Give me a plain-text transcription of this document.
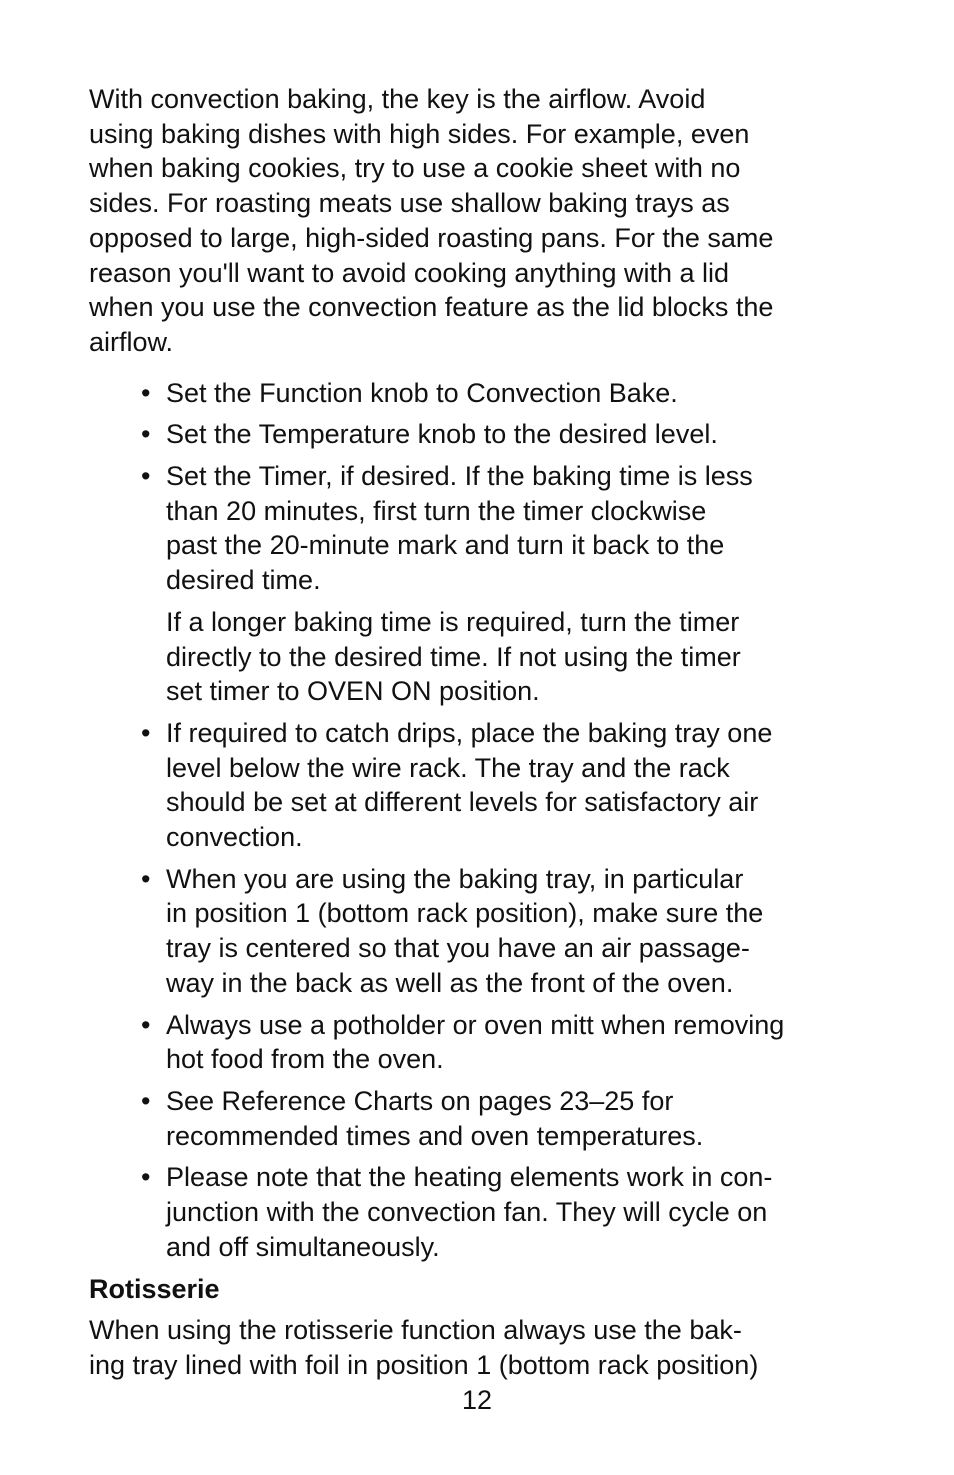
With convection baking, the key is the airflow. Avoid
using baking dishes with high sides. For example, even
when baking cookies, try to use a cookie sheet with no
sides. For roasting meats use shallow baking trays as
opposed to large, high-sided roasting pans. For the same
reason you'll want to avoid cooking anything with a lid
when you use the convection feature as the lid blocks the
airflow.

• Set the Function knob to Convection Bake.

• Set the Temperature knob to the desired level.

• Set the Timer, if desired. If the baking time is less
than 20 minutes, first turn the timer clockwise
past the 20-minute mark and turn it back to the
desired time.

If a longer baking time is required, turn the timer
directly to the desired time. If not using the timer
set timer to OVEN ON position.

• If required to catch drips, place the baking tray one
level below the wire rack. The tray and the rack
should be set at different levels for satisfactory air
convection.

• When you are using the baking tray, in particular
in position 1 (bottom rack position), make sure the
tray is centered so that you have an air passage-
way in the back as well as the front of the oven.

• Always use a potholder or oven mitt when removing
hot food from the oven.

• See Reference Charts on pages 23–25 for
recommended times and oven temperatures.

• Please note that the heating elements work in con-
junction with the convection fan. They will cycle on
and off simultaneously.

Rotisserie

When using the rotisserie function always use the bak-
ing tray lined with foil in position 1 (bottom rack position)

12
